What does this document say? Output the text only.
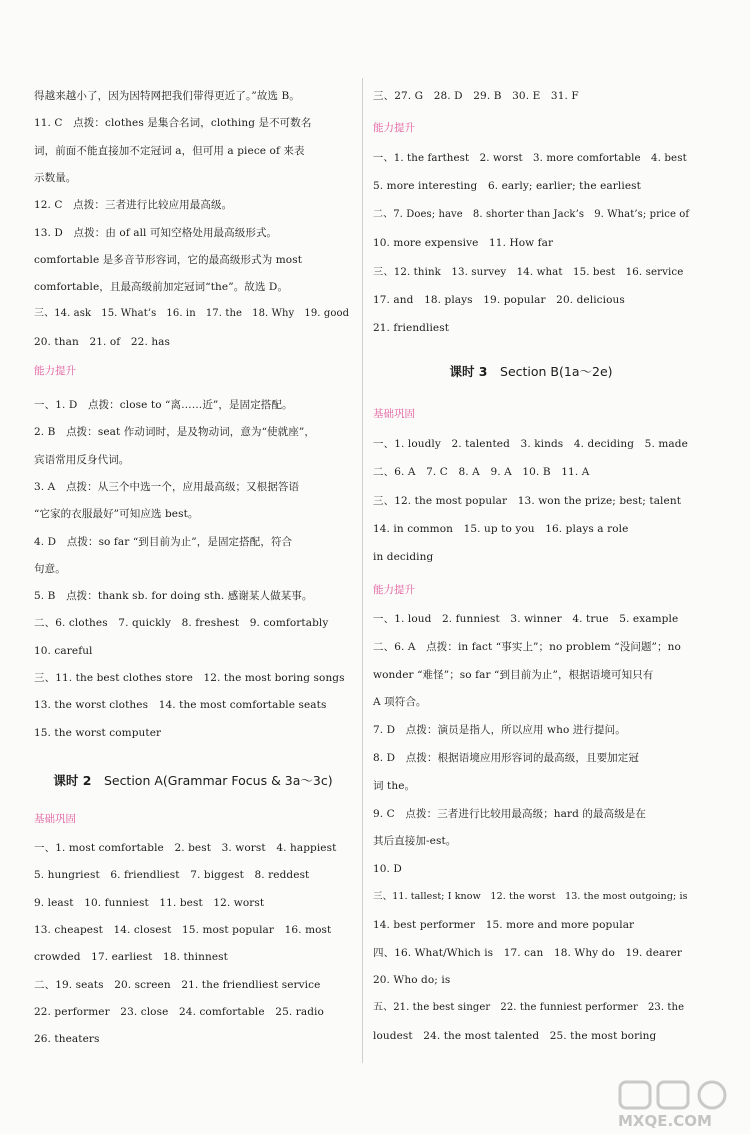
得越来越小了，因为因特网把我们带得更近了。”故选 B。
11. C　点拨：clothes 是集合名词，clothing 是不可数名
词，前面不能直接加不定冠词 a，但可用 a piece of 来表
示数量。
12. C　点拨：三者进行比较应用最高级。
13. D　点拨：由 of all 可知空格处用最高级形式。
comfortable 是多音节形容词，它的最高级形式为 most
comfortable，且最高级前加定冠词“the”。故选 D。
三、14. ask　15. What’s　16. in　17. the　18. Why　19. good
20. than　21. of　22. has
能力提升
一、1. D　点拨：close to “离……近”，是固定搭配。
2. B　点拨：seat 作动词时，是及物动词，意为“使就座”，
宾语常用反身代词。
3. A　点拨：从三个中选一个，应用最高级；又根据答语
“它家的衣服最好”可知应选 best。
4. D　点拨：so far “到目前为止”，是固定搭配，符合
句意。
5. B　点拨：thank sb. for doing sth. 感谢某人做某事。
二、6. clothes　7. quickly　8. freshest　9. comfortably
10. careful
三、11. the best clothes store　12. the most boring songs
13. the worst clothes　14. the most comfortable seats
15. the worst computer
课时 2  Section A(Grammar Focus & 3a～3c)
基础巩固
一、1. most comfortable　2. best　3. worst　4. happiest
5. hungriest　6. friendliest　7. biggest　8. reddest
9. least　10. funniest　11. best　12. worst
13. cheapest　14. closest　15. most popular　16. most
crowded　17. earliest　18. thinnest
二、19. seats　20. screen　21. the friendliest service
22. performer　23. close　24. comfortable　25. radio
26. theaters
三、27. G　28. D　29. B　30. E　31. F
能力提升
一、1. the farthest　2. worst　3. more comfortable　4. best
5. more interesting　6. early; earlier; the earliest
二、7. Does; have　8. shorter than Jack’s　9. What’s; price of
10. more expensive　11. How far
三、12. think　13. survey　14. what　15. best　16. service
17. and　18. plays　19. popular　20. delicious
21. friendliest
课时 3  Section B(1a～2e)
基础巩固
一、1. loudly　2. talented　3. kinds　4. deciding　5. made
二、6. A　7. C　8. A　9. A　10. B　11. A
三、12. the most popular　13. won the prize; best; talent
14. in common　15. up to you　16. plays a role
in deciding
能力提升
一、1. loud　2. funniest　3. winner　4. true　5. example
二、6. A　点拨：in fact “事实上”；no problem “没问题”；no
wonder “难怪”；so far “到目前为止”，根据语境可知只有
A 项符合。
7. D　点拨：演员是指人，所以应用 who 进行提问。
8. D　点拨：根据语境应用形容词的最高级，且要加定冠
词 the。
9. C　点拨：三者进行比较用最高级；hard 的最高级是在
其后直接加-est。
10. D
三、11. tallest; I know　12. the worst　13. the most outgoing; is
14. best performer　15. more and more popular
四、16. What/Which is　17. can　18. Why do　19. dearer
20. Who do; is
五、21. the best singer　22. the funniest performer　23. the
loudest　24. the most talented　25. the most boring
MXQE.COM
